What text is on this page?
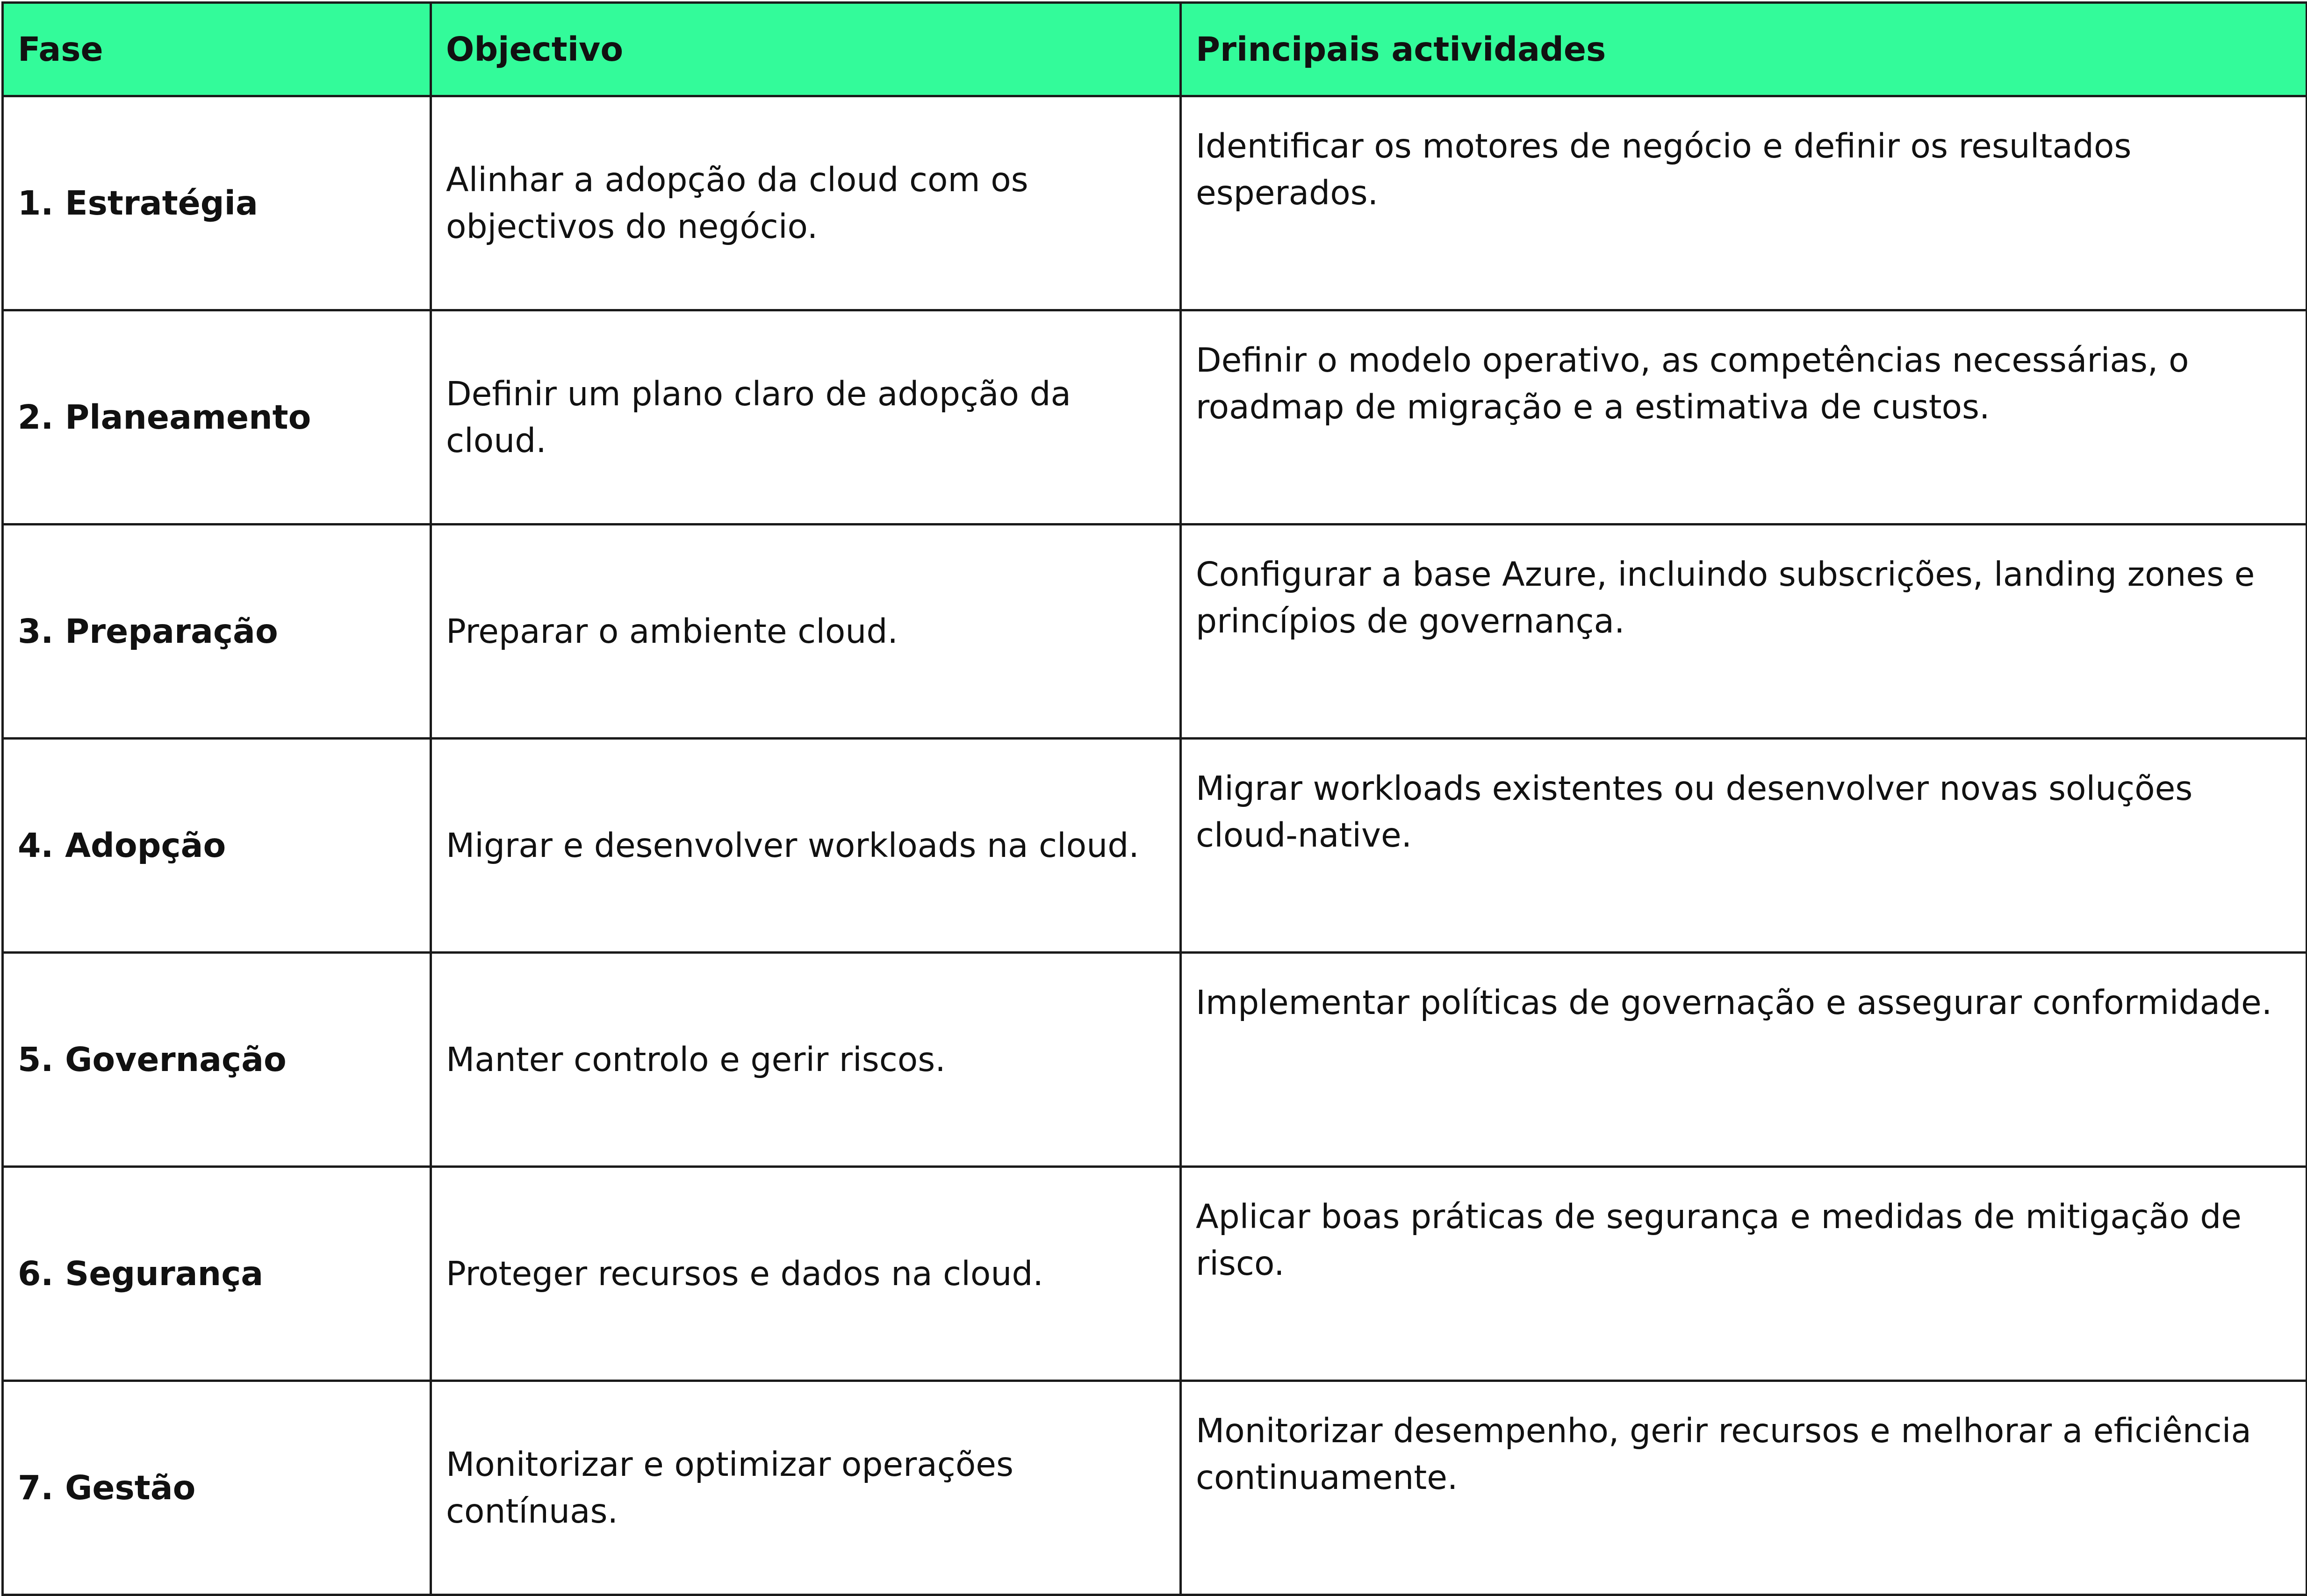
Fase	Objectivo	Principais actividades
1. Estratégia	Alinhar a adopção da cloud com os objectivos do negócio.	Identificar os motores de negócio e definir os resultados esperados.
2. Planeamento	Definir um plano claro de adopção da cloud.	Definir o modelo operativo, as competências necessárias, o roadmap de migração e a estimativa de custos.
3. Preparação	Preparar o ambiente cloud.	Configurar a base Azure, incluindo subscrições, landing zones e princípios de governança.
4. Adopção	Migrar e desenvolver workloads na cloud.	Migrar workloads existentes ou desenvolver novas soluções cloud-native.
5. Governação	Manter controlo e gerir riscos.	Implementar políticas de governação e assegurar conformidade.
6. Segurança	Proteger recursos e dados na cloud.	Aplicar boas práticas de segurança e medidas de mitigação de risco.
7. Gestão	Monitorizar e optimizar operações contínuas.	Monitorizar desempenho, gerir recursos e melhorar a eficiência continuamente.
